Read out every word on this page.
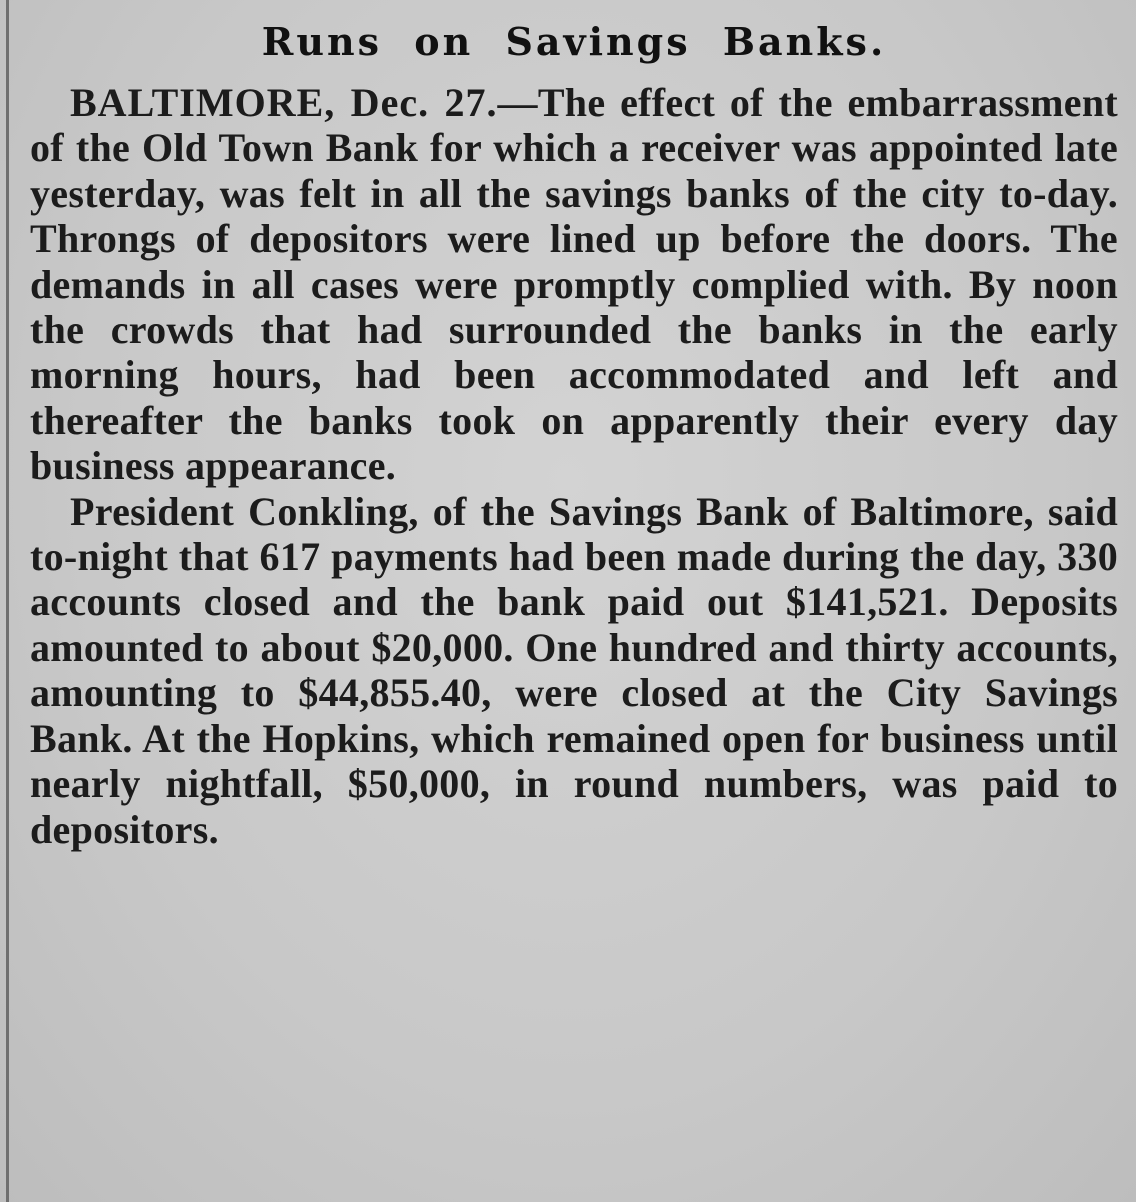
Runs on Savings Banks.

BALTIMORE, Dec. 27.—The effect of the embarrassment of the Old Town Bank for which a receiver was appointed late yesterday, was felt in all the savings banks of the city to-day. Throngs of depositors were lined up before the doors. The demands in all cases were promptly complied with. By noon the crowds that had surrounded the banks in the early morning hours, had been accommodated and left and thereafter the banks took on apparently their every day business appearance.

President Conkling, of the Savings Bank of Baltimore, said to-night that 617 payments had been made during the day, 330 accounts closed and the bank paid out $141,521. Deposits amounted to about $20,000. One hundred and thirty accounts, amounting to $44,855.40, were closed at the City Savings Bank. At the Hopkins, which remained open for business until nearly nightfall, $50,000, in round numbers, was paid to depositors.
